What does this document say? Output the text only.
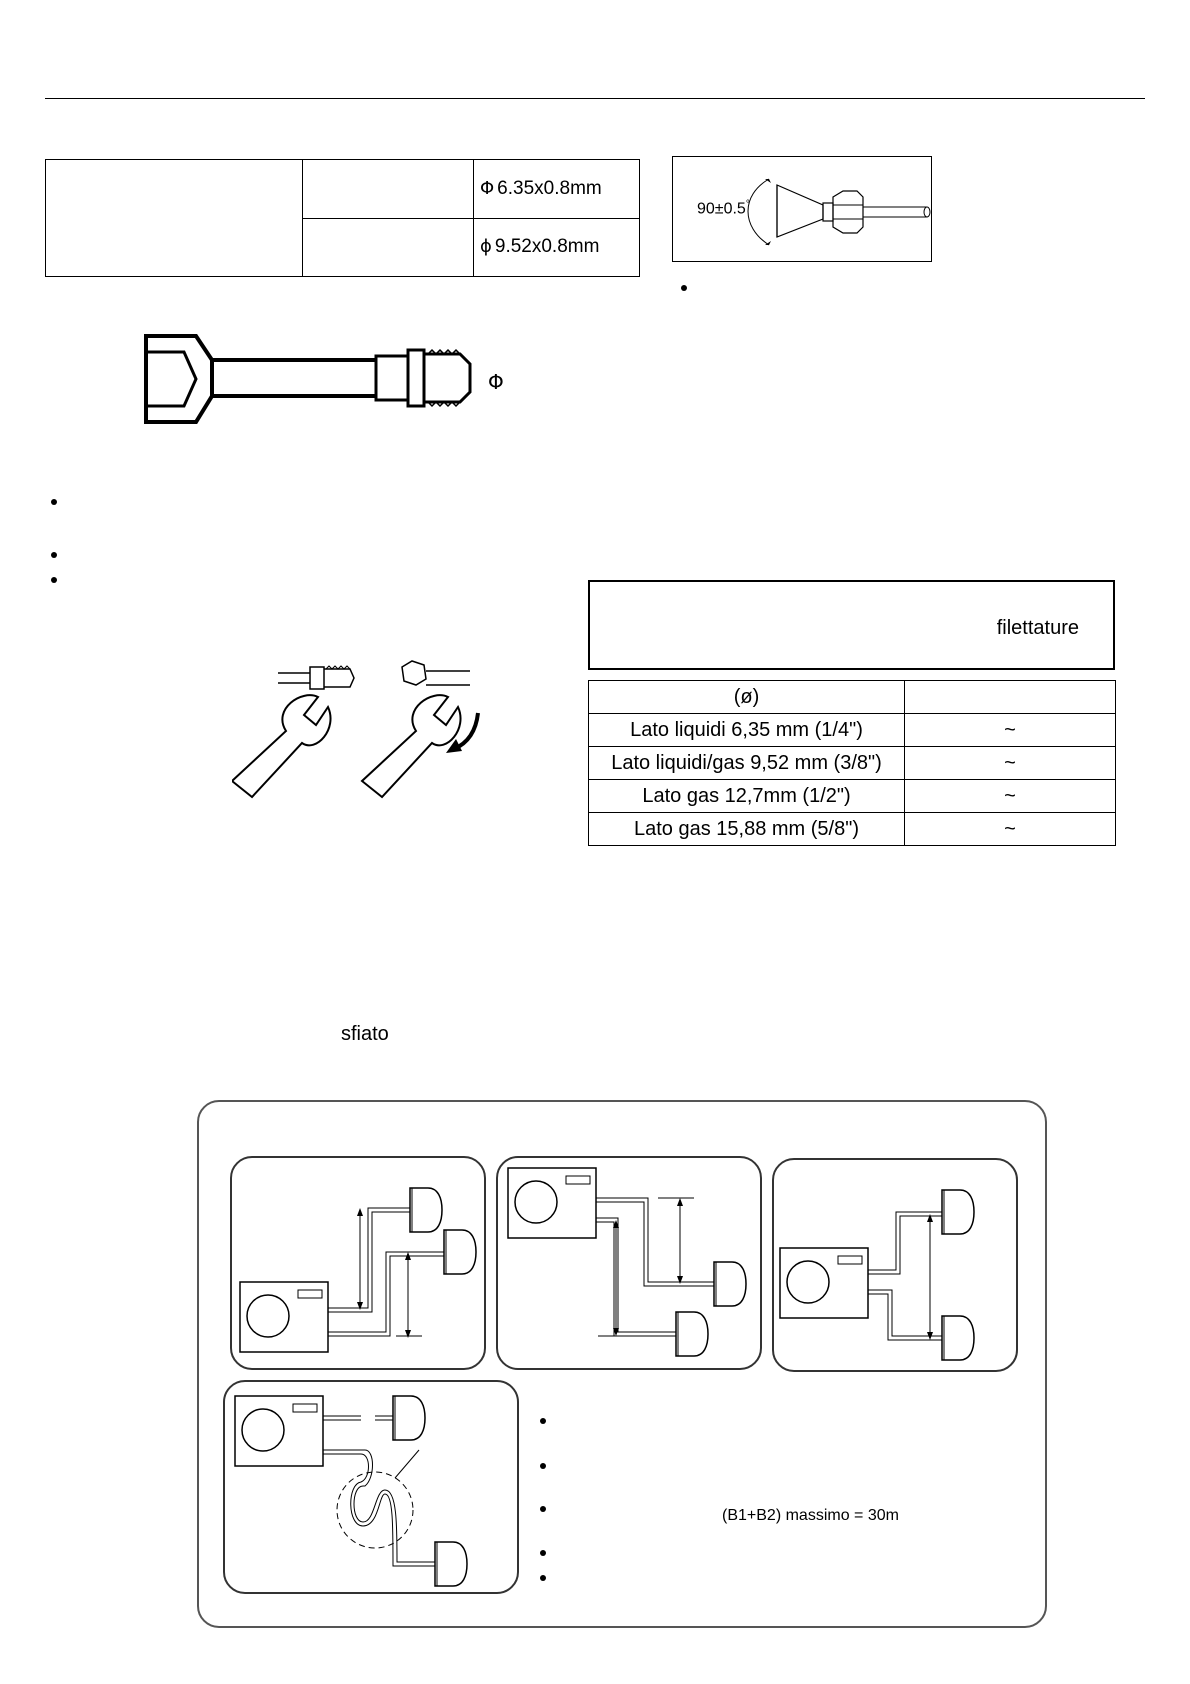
		Φ 6.35x0.8mm
		ϕ 9.52x0.8mm
90±0.5°
Φ
filettature
(ø)	
Lato liquidi 6,35 mm (1/4")	~
Lato liquidi/gas 9,52 mm (3/8")	~
Lato gas 12,7mm (1/2")	~
Lato gas 15,88 mm (5/8")	~
sfiato
(B1+B2) massimo = 30m
